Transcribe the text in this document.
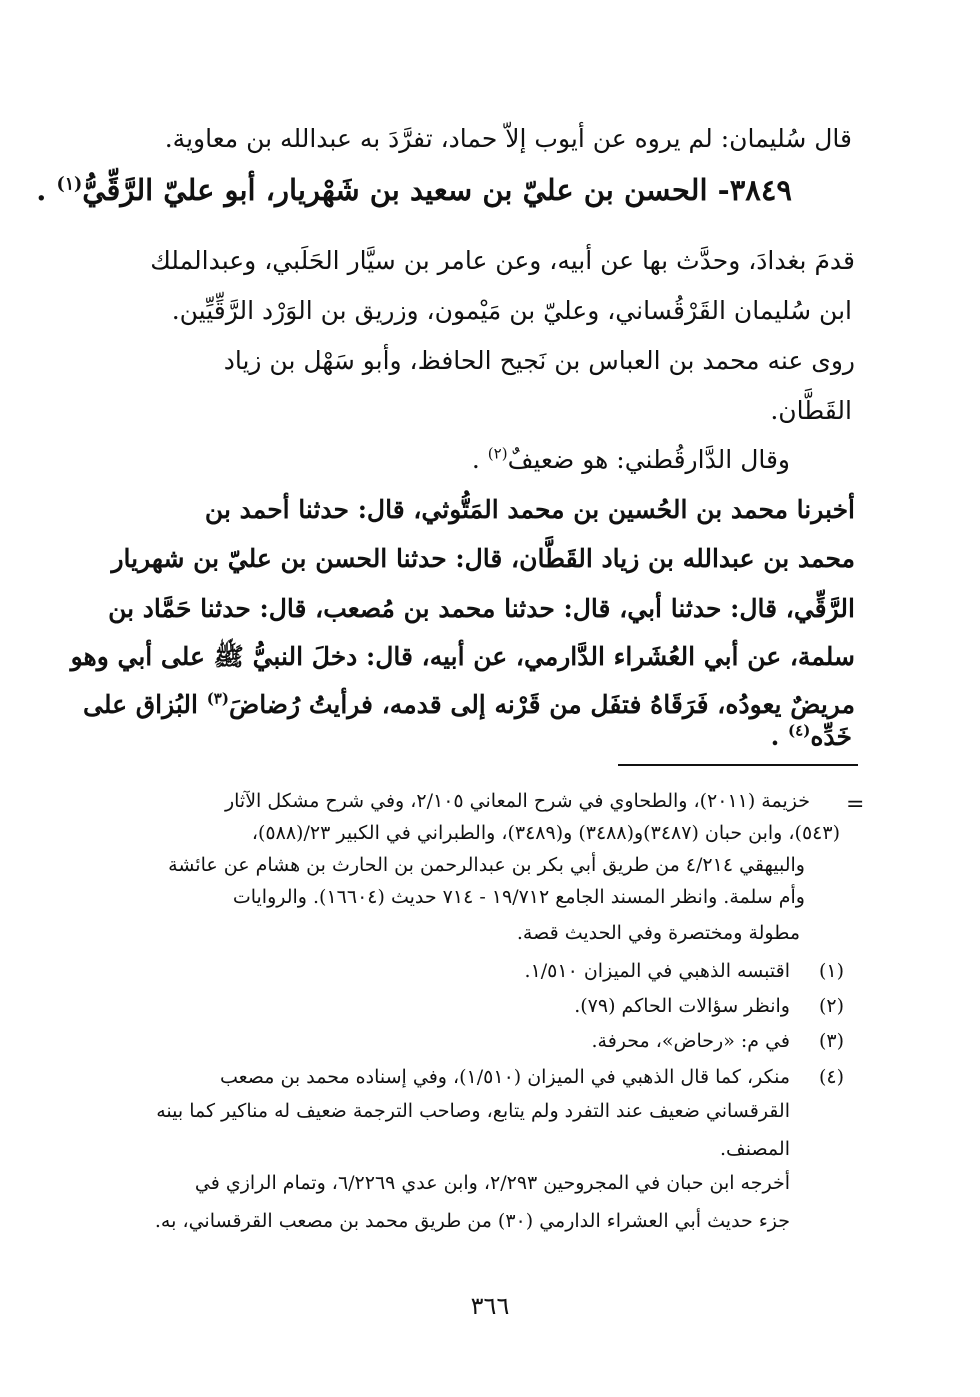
قال سُليمان: لم يروه عن أيوب إلاّ حماد، تفرَّدَ به عبدالله بن معاوية.
٣٨٤٩- الحسن بن عليّ بن سعيد بن شَهْريار، أبو عليّ الرَّقِّيُّ$^{(١)}$ .
قدمَ بغدادَ، وحدَّث بها عن أبيه، وعن عامر بن سيَّار الحَلَبي، وعبدالملك
ابن سُليمان القَرْقُساني، وعليّ بن مَيْمون، وزريق بن الوَرْد الرَّقِّيِّين.
روى عنه محمد بن العباس بن نَجيح الحافظ، وأبو سَهْل بن زياد
القَطَّان.
وقال الدَّارقُطني: هو ضعيفٌ$^{(٢)}$ .
أخبرنا محمد بن الحُسين بن محمد المَتُّوثي، قال: حدثنا أحمد بن
محمد بن عبدالله بن زياد القَطَّان، قال: حدثنا الحسن بن عليّ بن شهريار
الرَّقِّي، قال: حدثنا أبي، قال: حدثنا محمد بن مُصعب، قال: حدثنا حَمَّاد بن
سلمة، عن أبي العُشَراء الدَّارمي، عن أبيه، قال: دخلَ النبيُّ ﷺ على أبي وهو
مريضٌ يعودُه، فَرَقَاهُ فتفَل من قَرْنه إلى قدمه، فرأيتُ رُضاضَ$^{(٣)}$ البُزاق على
خَدِّه$^{(٤)}$ .
=
خزيمة (٢٠١١)، والطحاوي في شرح المعاني ٢/١٠٥، وفي شرح مشكل الآثار
(٥٤٣)، وابن حبان (٣٤٨٧)و(٣٤٨٨) و(٣٤٨٩)، والطبراني في الكبير ٢٣/(٥٨٨)،
والبيهقي ٤/٢١٤ من طريق أبي بكر بن عبدالرحمن بن الحارث بن هشام عن عائشة
وأم سلمة. وانظر المسند الجامع ١٩/٧١٢ - ٧١٤ حديث (١٦٦٠٤). والروايات
مطولة ومختصرة وفي الحديث قصة.
(١)
اقتبسه الذهبي في الميزان ١/٥١٠.
(٢)
وانظر سؤالات الحاكم (٧٩).
(٣)
في م: «رحاض»، محرفة.
(٤)
منكر، كما قال الذهبي في الميزان (١/٥١٠)، وفي إسناده محمد بن مصعب
القرقساني ضعيف عند التفرد ولم يتابع، وصاحب الترجمة ضعيف له مناكير كما بينه
المصنف.
أخرجه ابن حبان في المجروحين ٢/٢٩٣، وابن عدي ٦/٢٢٦٩، وتمام الرازي في
جزء حديث أبي العشراء الدارمي (٣٠) من طريق محمد بن مصعب القرقساني، به.
٣٦٦
